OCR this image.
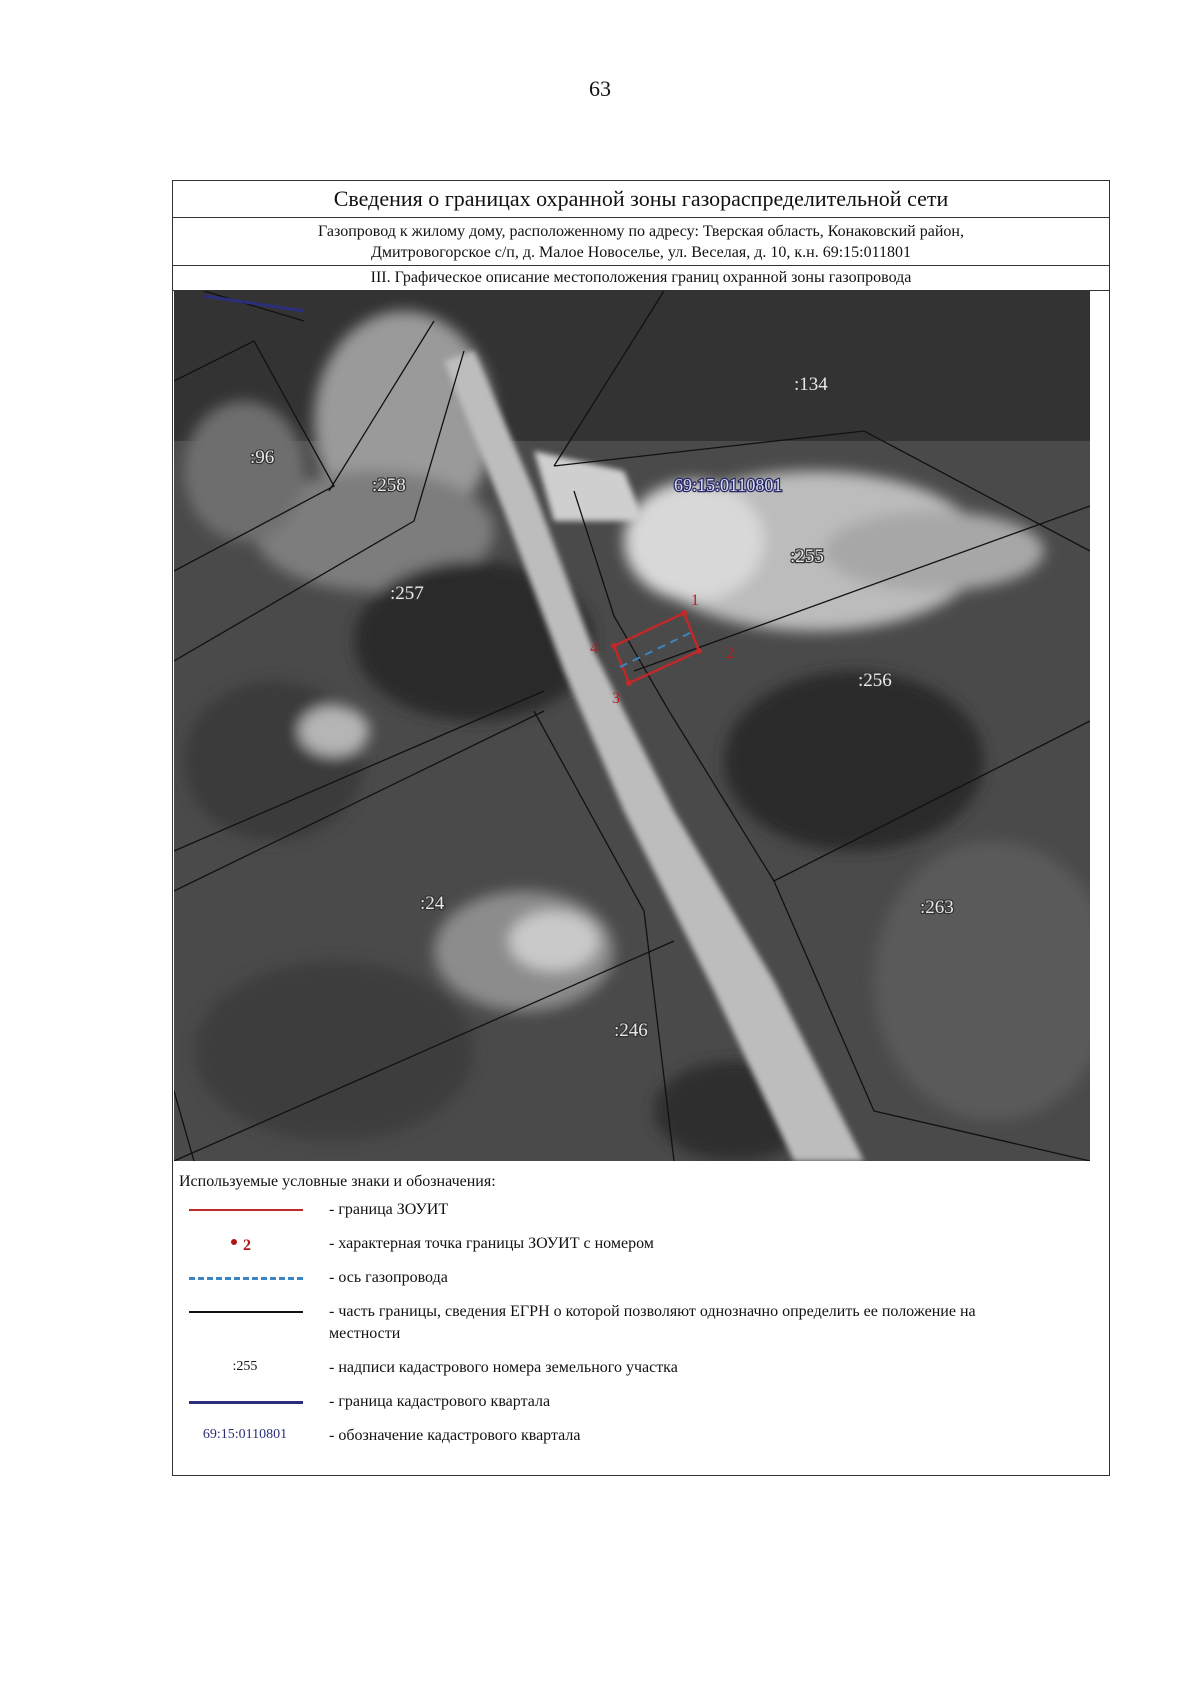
63
Сведения о границах охранной зоны газораспределительной сети
Газопровод к жилому дому, расположенному по адресу: Тверская область, Конаковский район,
Дмитровогорское с/п, д. Малое Новоселье, ул. Веселая, д. 10, к.н. 69:15:011801
III. Графическое описание местоположения границ охранной зоны газопровода
1
2
3
4
:96
:258
:257
:134
:255
:256
:24	:263
:246
69:15:0110801
Используемые условные знаки и обозначения:
- граница ЗОУИТ
2	- характерная точка границы ЗОУИТ с номером
- ось газопровода
- часть границы, сведения ЕГРН о которой позволяют однозначно определить ее положение на местности
:255	- надписи кадастрового номера земельного участка
- граница кадастрового квартала
69:15:0110801	- обозначение кадастрового квартала
